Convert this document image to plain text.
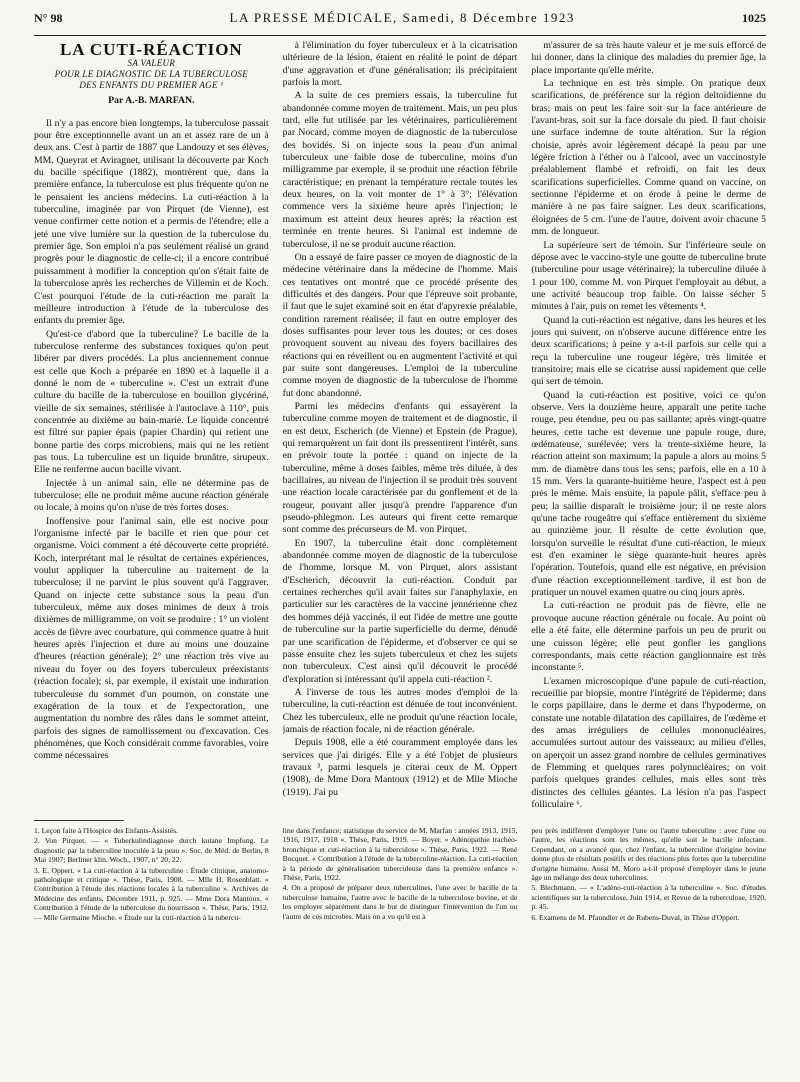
N° 98	LA PRESSE MÉDICALE, Samedi, 8 Décembre 1923	1025
LA CUTI-RÉACTION
SA VALEUR
POUR LE DIAGNOSTIC DE LA TUBERCULOSE
DES ENFANTS DU PREMIER AGE ¹
Par A.-B. MARFAN.

Il n'y a pas encore bien longtemps, la tuberculose passait pour être exceptionnelle avant un an et assez rare de un à deux ans. C'est à partir de 1887 que Landouzy et ses élèves, MM. Queyrat et Aviragnet, utilisant la découverte par Koch du bacille spécifique (1882), montrèrent que, dans la première enfance, la tuberculose est plus fréquente qu'on ne le pensaient les anciens médecins. La cuti-réaction à la tuberculine, imaginée par von Pirquet (de Vienne), est venue confirmer cette notion et a permis de l'étendre; elle a jeté une vive lumière sur la question de la tuberculose du premier âge. Son emploi n'a pas seulement réalisé un grand progrès pour le diagnostic de celle-ci; il a encore contribué puissamment à modifier la conception qu'on s'était faite de la tuberculose après les recherches de Villemin et de Koch. C'est pourquoi l'étude de la cuti-réaction me paraît la meilleure introduction à l'étude de la tuberculose des enfants du premier âge.

Qu'est-ce d'abord que la tuberculine? Le bacille de la tuberculose renferme des substances toxiques qu'on peut libérer par divers procédés. La plus anciennement connue est celle que Koch a préparée en 1890 et à laquelle il a donné le nom de « tuberculine ». C'est un extrait d'une culture du bacille de la tuberculose en bouillon glycériné, vieille de six semaines, stérilisée à l'autoclave à 110°, puis concentrée au dixième au bain-marie. Le liquide concentré est filtré sur papier épais (papier Chardin) qui retient une bonne partie des corps microbiens, mais qui ne les retient pas tous. La tuberculine est un liquide brunâtre, sirupeux. Elle ne renferme aucun bacille vivant.

Injectée à un animal sain, elle ne détermine pas de tuberculose; elle ne produit même aucune réaction générale ou locale, à moins qu'on n'use de très fortes doses.

Inoffensive pour l'animal sain, elle est nocive pour l'organisme infecté par le bacille et rien que pour cet organisme. Voici comment a été découverte cette propriété. Koch, interprétant mal le résultat de certaines expériences, voulut appliquer la tuberculine au traitement de la tuberculose; il ne parvint le plus souvent qu'à l'aggraver. Quand on injecte cette substance sous la peau d'un tuberculeux, même aux doses minimes de deux à trois dixièmes de milligramme, on voit se produire : 1° un violent accès de fièvre avec courbature, qui commence quatre à huit heures après l'injection et dure au moins une douzaine d'heures (réaction générale); 2° une réaction très vive au niveau du foyer ou des foyers tuberculeux préexistants (réaction focale); si, par exemple, il existait une induration tuberculeuse du sommet d'un poumon, on constate une exagération de la toux et de l'expectoration, une augmentation du nombre des râles dans le sommet atteint, parfois des signes de ramollissement ou d'excavation. Ces phénomènes, que Koch considérait comme favorables, voire comme nécessaires

à l'élimination du foyer tuberculeux et à la cicatrisation ultérieure de la lésion, étaient en réalité le point de départ d'une aggravation et d'une généralisation; ils précipitaient parfois la mort.

A la suite de ces premiers essais, la tuberculine fut abandonnée comme moyen de traitement. Mais, un peu plus tard, elle fut utilisée par les vétérinaires, particulièrement par Nocard, comme moyen de diagnostic de la tuberculose des bovidés. Si on injecte sous la peau d'un animal tuberculeux une faible dose de tuberculine, moins d'un milligramme par exemple, il se produit une réaction fébrile caractéristique; en prenant la température rectale toutes les deux heures, on la voit monter de 1° à 3°; l'élévation commence vers la sixième heure après l'injection; le maximum est atteint deux heures après; la réaction est terminée en trente heures. Si l'animal est indemne de tuberculose, il ne se produit aucune réaction.

On a essayé de faire passer ce moyen de diagnostic de la médecine vétérinaire dans la médecine de l'homme. Mais ces tentatives ont montré que ce procédé présente des difficultés et des dangers. Pour que l'épreuve soit probante, il faut que le sujet examiné soit en état d'apyrexie préalable, condition rarement réalisée; il faut en outre employer des doses suffisantes pour lever tous les doutes; or ces doses provoquent souvent au niveau des foyers bacillaires des réactions qui en réveillent ou en augmentent l'activité et qui par suite sont dangereuses. L'emploi de la tuberculine comme moyen de diagnostic de la tuberculose de l'homme fut donc abandonné.

Parmi les médecins d'enfants qui essayèrent la tuberculine comme moyen de traitement et de diagnostic, il en est deux, Escherich (de Vienne) et Epstein (de Prague), qui remarquèrent un fait dont ils pressentirent l'intérêt, sans en prévoir toute la portée : quand on injecte de la tuberculine, même à doses faibles, même très diluée, à des bacillaires, au niveau de l'injection il se produit très souvent une réaction locale caractérisée par du gonflement et de la rougeur, pouvant aller jusqu'à prendre l'apparence d'un pseudo-phlegmon. Les auteurs qui firent cette remarque sont comme des précurseurs de M. von Pirquet.

En 1907, la tuberculine était donc complètement abandonnée comme moyen de diagnostic de la tuberculose de l'homme, lorsque M. von Pirquet, alors assistant d'Escherich, découvrit la cuti-réaction. Conduit par certaines recherches qu'il avait faites sur l'anaphylaxie, en particulier sur les caractères de la vaccine jennérienne chez des hommes déjà vaccinés, il eut l'idée de mettre une goutte de tuberculine sur la partie superficielle du derme, dénudé par une scarification de l'épiderme, et d'observer ce qui se passe ensuite chez les sujets tuberculeux et chez les sujets non tuberculeux. C'est ainsi qu'il découvrit le procédé d'exploration si intéressant qu'il appela cuti-réaction ².

A l'inverse de tous les autres modes d'emploi de la tuberculine, la cuti-réaction est dénuée de tout inconvénient. Chez les tuberculeux, elle ne produit qu'une réaction locale, jamais de réaction focale, ni de réaction générale.

Depuis 1908, elle a été couramment employée dans les services que j'ai dirigés. Elle y a été l'objet de plusieurs travaux ³, parmi lesquels je citerai ceux de M. Oppert (1908), de Mme Dora Mantoux (1912) et de Mlle Mioche (1919). J'ai pu

m'assurer de sa très haute valeur et je me suis efforcé de lui donner, dans la clinique des maladies du premier âge, la place importante qu'elle mérite.

La technique en est très simple. On pratique deux scarifications, de préférence sur la région deltoïdienne du bras; mais on peut les faire soit sur la face antérieure de l'avant-bras, soit sur la face dorsale du pied. Il faut choisir une surface indemne de toute altération. Sur la région choisie, après avoir légèrement décapé la peau par une légère friction à l'éther ou à l'alcool, avec un vaccinostyle préalablement flambé et refroidi, on fait les deux scarifications superficielles. Comme quand on vaccine, on sectionne l'épiderme et on érode à peine le derme de manière à ne pas faire saigner. Les deux scarifications, éloignées de 5 cm. l'une de l'autre, doivent avoir chacune 5 mm. de longueur.

La supérieure sert de témoin. Sur l'inférieure seule on dépose avec le vaccino-style une goutte de tuberculine brute (tuberculine pour usage vétérinaire); la tuberculine diluée à 1 pour 100, comme M. von Pirquet l'employait au début, a une activité beaucoup trop faible. On laisse sécher 5 minutes à l'air, puis on remet les vêtements ⁴.

Quand la cuti-réaction est négative, dans les heures et les jours qui suivent, on n'observe aucune différence entre les deux scarifications; à peine y a-t-il parfois sur celle qui a reçu la tuberculine une rougeur légère, très limitée et transitoire; mais elle se cicatrise aussi rapidement que celle qui sert de témoin.

Quand la cuti-réaction est positive, voici ce qu'on observe. Vers la douzième heure, apparaît une petite tache rouge, peu étendue, peu ou pas saillante; après vingt-quatre heures, cette tache est devenue une papule rouge, dure, œdémateuse, surélevée; vers la trente-sixième heure, la réaction atteint son maximum; la papule a alors au moins 5 mm. de diamètre dans tous les sens; parfois, elle en a 10 à 15 mm. Vers la quarante-huitième heure, l'aspect est à peu près le même. Mais ensuite, la papule pâlit, s'efface peu à peu; la saillie disparaît le troisième jour; il ne reste alors qu'une tache rougeâtre qui s'efface entièrement du sixième au quinzième jour. Il résulte de cette évolution que, lorsqu'on surveille le résultat d'une cuti-réaction, le mieux est d'en examiner le siège quarante-huit heures après l'opération. Toutefois, quand elle est négative, en prévision d'une réaction exceptionnellement tardive, il est bon de pratiquer un nouvel examen quatre ou cinq jours après.

La cuti-réaction ne produit pas de fièvre, elle ne provoque aucune réaction générale ou focale. Au point où elle a été faite, elle détermine parfois un peu de prurit ou une cuisson légère; elle peut gonfler les ganglions correspondants, mais cette réaction ganglionnaire est très inconstante ⁵.

L'examen microscopique d'une papule de cuti-réaction, recueillie par biopsie, montre l'intégrité de l'épiderme; dans le corps papillaire, dans le derme et dans l'hypoderme, on constate une notable dilatation des capillaires, de l'œdème et des amas irréguliers de cellules mononucléaires, accumulées surtout autour des vaisseaux; au milieu d'elles, on aperçoit un assez grand nombre de cellules germinatives de Flemming et quelques rares polynucléaires; on voit parfois quelques grandes cellules, mais elles sont très distinctes des cellules géantes. La lésion n'a pas l'aspect folliculaire ⁶.

1. Leçon faite à l'Hospice des Enfants-Assistés.

2. Von Pirquet. — « Tuberkulindiagnose durch kutane Impfung. Le diagnostic par la tuberculine inoculée à la peau ». Soc. de Méd. de Berlin, 8 Mai 1907; Berliner klin. Woch., 1907, n° 20, 22.

3. E. Oppert. « La cuti-réaction à la tuberculine : Étude clinique, anatomo-pathologique et critique ». Thèse, Paris, 1908. — Mlle H. Rosenblatt. « Contribution à l'étude des réactions locales à la tuberculine ». Archives de Médecine des enfants, Décembre 1911, p. 925. — Mme Dora Mantoux. « Contribution à l'étude de la tuberculose du nourrisson ». Thèse, Paris, 1912. — Mlle Germaine Mioche. « Étude sur la cuti-réaction à la tubercu-

line dans l'enfance; statistique du service de M. Marfan : années 1913, 1915, 1916, 1917, 1918 ». Thèse, Paris, 1919. — Boyer. « Adénopathie trachéo-bronchique et cuti-réaction à la tuberculose ». Thèse, Paris, 1922. — René Bocquet. « Contribution à l'étude de la tuberculine-réaction. La cuti-réaction à la période de généralisation tuberculeuse dans la première enfance ». Thèse, Paris, 1922.

4. On a proposé de préparer deux tuberculines, l'une avec le bacille de la tuberculose humaine, l'autre avec le bacille de la tuberculose bovine, et de les employer séparément dans le but de distinguer l'intervention de l'un ou l'autre de ces microbes. Mais on a vu qu'il est à

peu près indifférent d'employer l'une ou l'autre tuberculine : avec l'une ou l'autre, les réactions sont les mêmes, qu'elle soit le bacille infectant. Cependant, on a avancé que, chez l'enfant, la tuberculine d'origine bovine donne plus de résultats positifs et des réactions plus fortes que la tuberculine d'origine humaine. Aussi M. Moro a-t-il proposé d'employer dans le jeune âge un mélange des deux tuberculines.

5. Blechmann. — « L'adéno-cuti-réaction à la tuberculine ». Soc. d'études scientifiques sur la tuberculose, Juin 1914, et Revue de la tuberculose, 1920, p. 45.

6. Examens de M. Pfaundler et de Rubens-Duval, in Thèse d'Oppert.
